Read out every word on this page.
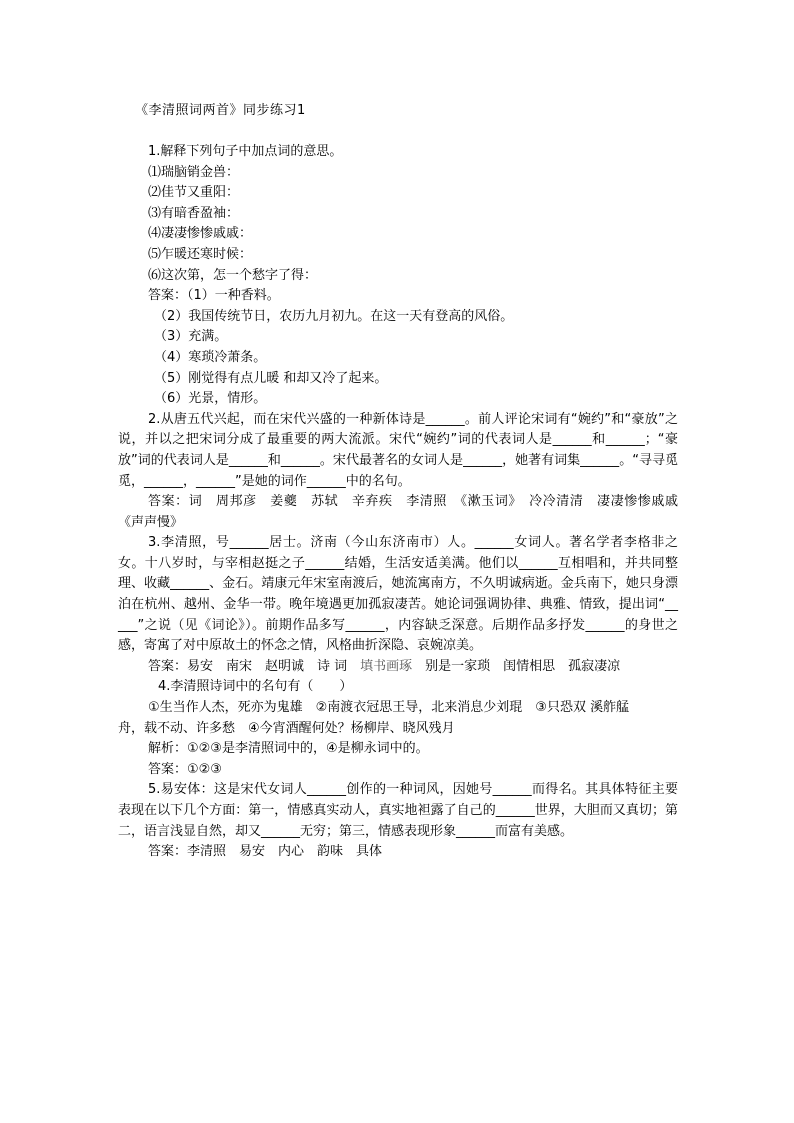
《李清照词两首》同步练习1
1.解释下列句子中加点词的意思。
⑴瑞脑销金兽：
⑵佳节又重阳：
⑶有暗香盈袖：
⑷凄凄惨惨戚戚：
⑸乍暖还寒时候：
⑹这次第，怎一个愁字了得：
答案：（1）一种香料。
（2）我国传统节日，农历九月初九。在这一天有登高的风俗。
（3）充满。
（4）寒琐冷萧条。
（5）刚觉得有点儿暖 和却又冷了起来。
（6）光景，情形。
2.从唐五代兴起，而在宋代兴盛的一种新体诗是______。前人评论宋词有“婉约”和“豪放”之说，并以之把宋词分成了最重要的两大流派。宋代“婉约”词的代表词人是______和______；“豪放”词的代表词人是______和______。宋代最著名的女词人是______，她著有词集______。“寻寻觅觅，______，______”是她的词作______中的名句。
答案：词　周邦彦　姜夔　苏轼　辛弃疾　李清照　《漱玉词》　冷冷清清　凄凄惨惨戚戚　《声声慢》
3.李清照，号______居士。济南（今山东济南市）人。______女词人。著名学者李格非之女。十八岁时，与宰相赵挺之子______结婚，生活安适美满。他们以______互相唱和，并共同整理、收藏______、金石。靖康元年宋室南渡后，她流寓南方，不久明诚病逝。金兵南下，她只身漂泊在杭州、越州、金华一带。晚年境遇更加孤寂凄苦。她论词强调协律、典雅、情致，提出词“__ ___”之说（见《词论》）。前期作品多写______，内容缺乏深意。后期作品多抒发______的身世之感，寄寓了对中原故土的怀念之情，风格曲折深隐、哀婉凉美。
答案：易安　南宋　赵明诚　诗 词　填书画琢　别是一家琐　闺情相思　孤寂凄凉
4.李清照诗词中的名句有（　　）
①生当作人杰，死亦为鬼雄　②南渡衣冠思王导，北来消息少刘琨　③只恐双 溪舴艋
舟，载不动、许多愁　④今宵酒醒何处？杨柳岸、晓风残月
解析：①②③是李清照词中的，④是柳永词中的。
答案：①②③
5.易安体：这是宋代女词人______创作的一种词风，因她号______而得名。其具体特征主要表现在以下几个方面：第一，情感真实动人，真实地袒露了自己的______世界，大胆而又真切；第二，语言浅显自然，却又______无穷；第三，情感表现形象______而富有美感。
答案：李清照　易安　内心　韵味　具体
